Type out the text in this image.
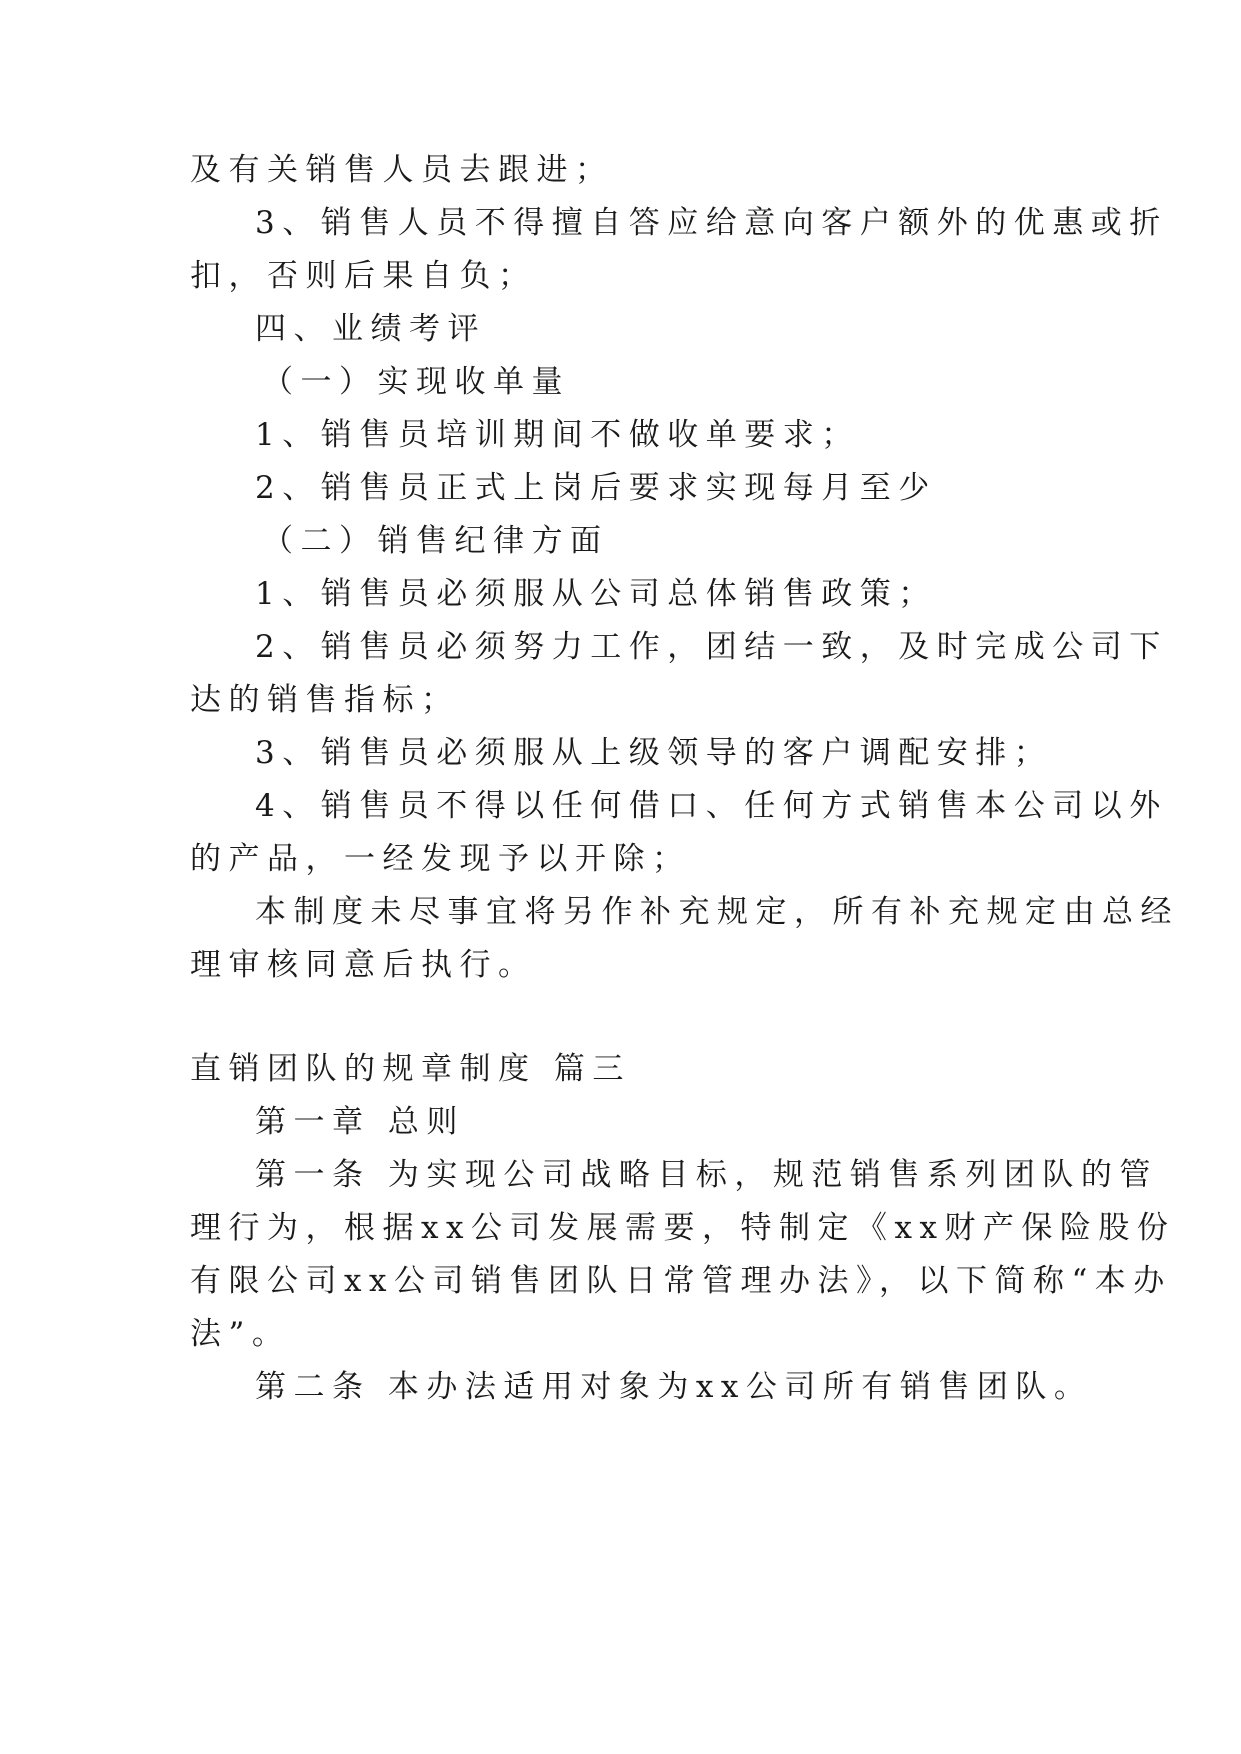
及有关销售人员去跟进；
3、销售人员不得擅自答应给意向客户额外的优惠或折
扣，否则后果自负；
四、业绩考评
（一）实现收单量
1、销售员培训期间不做收单要求；
2、销售员正式上岗后要求实现每月至少
（二）销售纪律方面
1、销售员必须服从公司总体销售政策；
2、销售员必须努力工作，团结一致，及时完成公司下
达的销售指标；
3、销售员必须服从上级领导的客户调配安排；
4、销售员不得以任何借口、任何方式销售本公司以外
的产品，一经发现予以开除；
本制度未尽事宜将另作补充规定，所有补充规定由总经
理审核同意后执行。
直销团队的规章制度 篇三
第一章 总则
第一条 为实现公司战略目标，规范销售系列团队的管
理行为，根据xx公司发展需要，特制定《xx财产保险股份
有限公司xx公司销售团队日常管理办法》，以下简称“本办
法”。
第二条 本办法适用对象为xx公司所有销售团队。
